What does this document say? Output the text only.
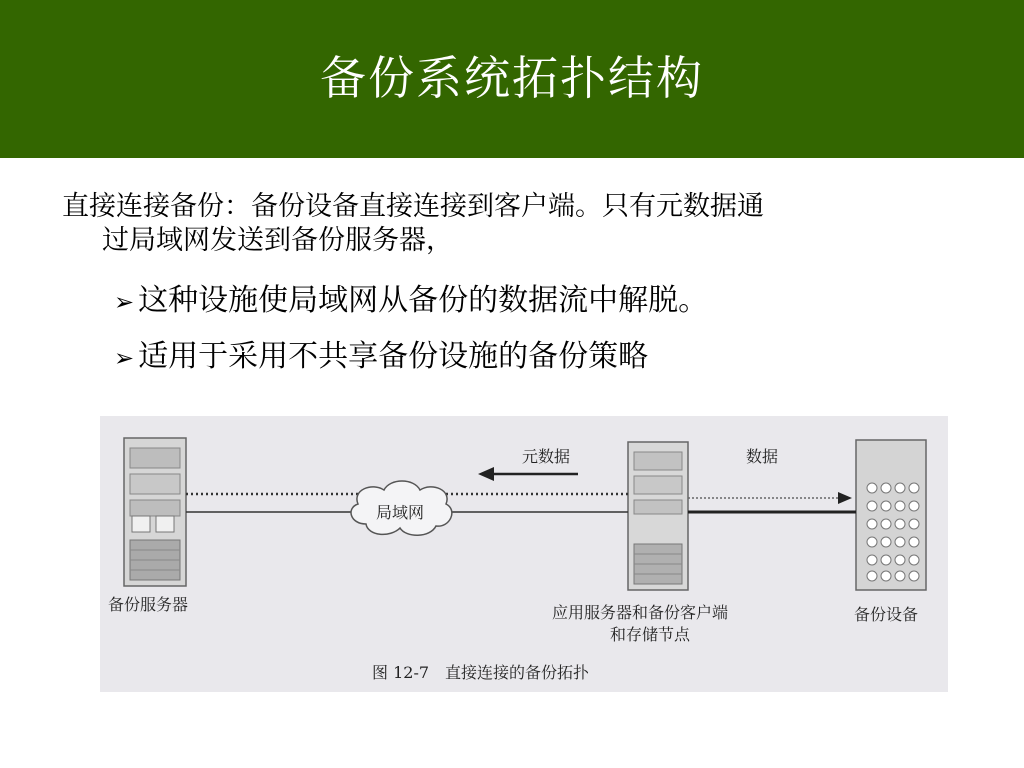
备份系统拓扑结构
直接连接备份：备份设备直接连接到客户端。只有元数据通
过局域网发送到备份服务器，
➢ 这种设施使局域网从备份的数据流中解脱。
➢ 适用于采用不共享备份设施的备份策略
元数据	数据
局域网
备份服务器	应用服务器和备份客户端
和存储节点
备份设备
图 12-7　直接连接的备份拓扑
